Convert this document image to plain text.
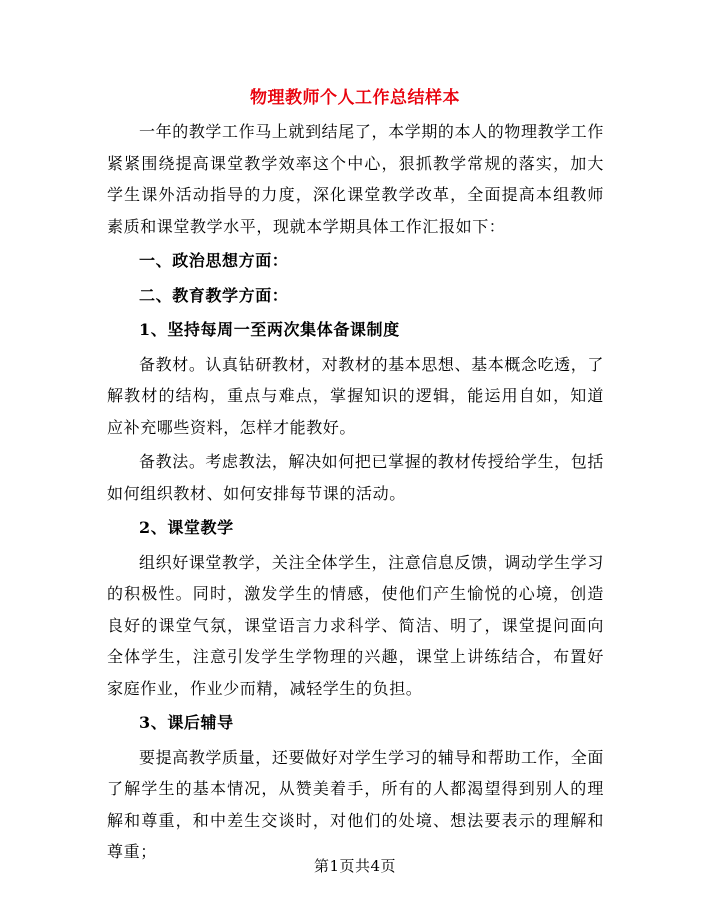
物理教师个人工作总结样本

一年的教学工作马上就到结尾了，本学期的本人的物理教学工作紧紧围绕提高课堂教学效率这个中心，狠抓教学常规的落实，加大学生课外活动指导的力度，深化课堂教学改革，全面提高本组教师素质和课堂教学水平，现就本学期具体工作汇报如下：

一、政治思想方面：

二、教育教学方面：

1、坚持每周一至两次集体备课制度

备教材。认真钻研教材，对教材的基本思想、基本概念吃透，了解教材的结构，重点与难点，掌握知识的逻辑，能运用自如，知道应补充哪些资料，怎样才能教好。

备教法。考虑教法，解决如何把已掌握的教材传授给学生，包括如何组织教材、如何安排每节课的活动。

2、课堂教学

组织好课堂教学，关注全体学生，注意信息反馈，调动学生学习的积极性。同时，激发学生的情感，使他们产生愉悦的心境，创造良好的课堂气氛，课堂语言力求科学、简洁、明了，课堂提问面向全体学生，注意引发学生学物理的兴趣，课堂上讲练结合，布置好家庭作业，作业少而精，减轻学生的负担。

3、课后辅导

要提高教学质量，还要做好对学生学习的辅导和帮助工作，全面了解学生的基本情况，从赞美着手，所有的人都渴望得到别人的理解和尊重，和中差生交谈时，对他们的处境、想法要表示的理解和尊重；

第1页共4页
